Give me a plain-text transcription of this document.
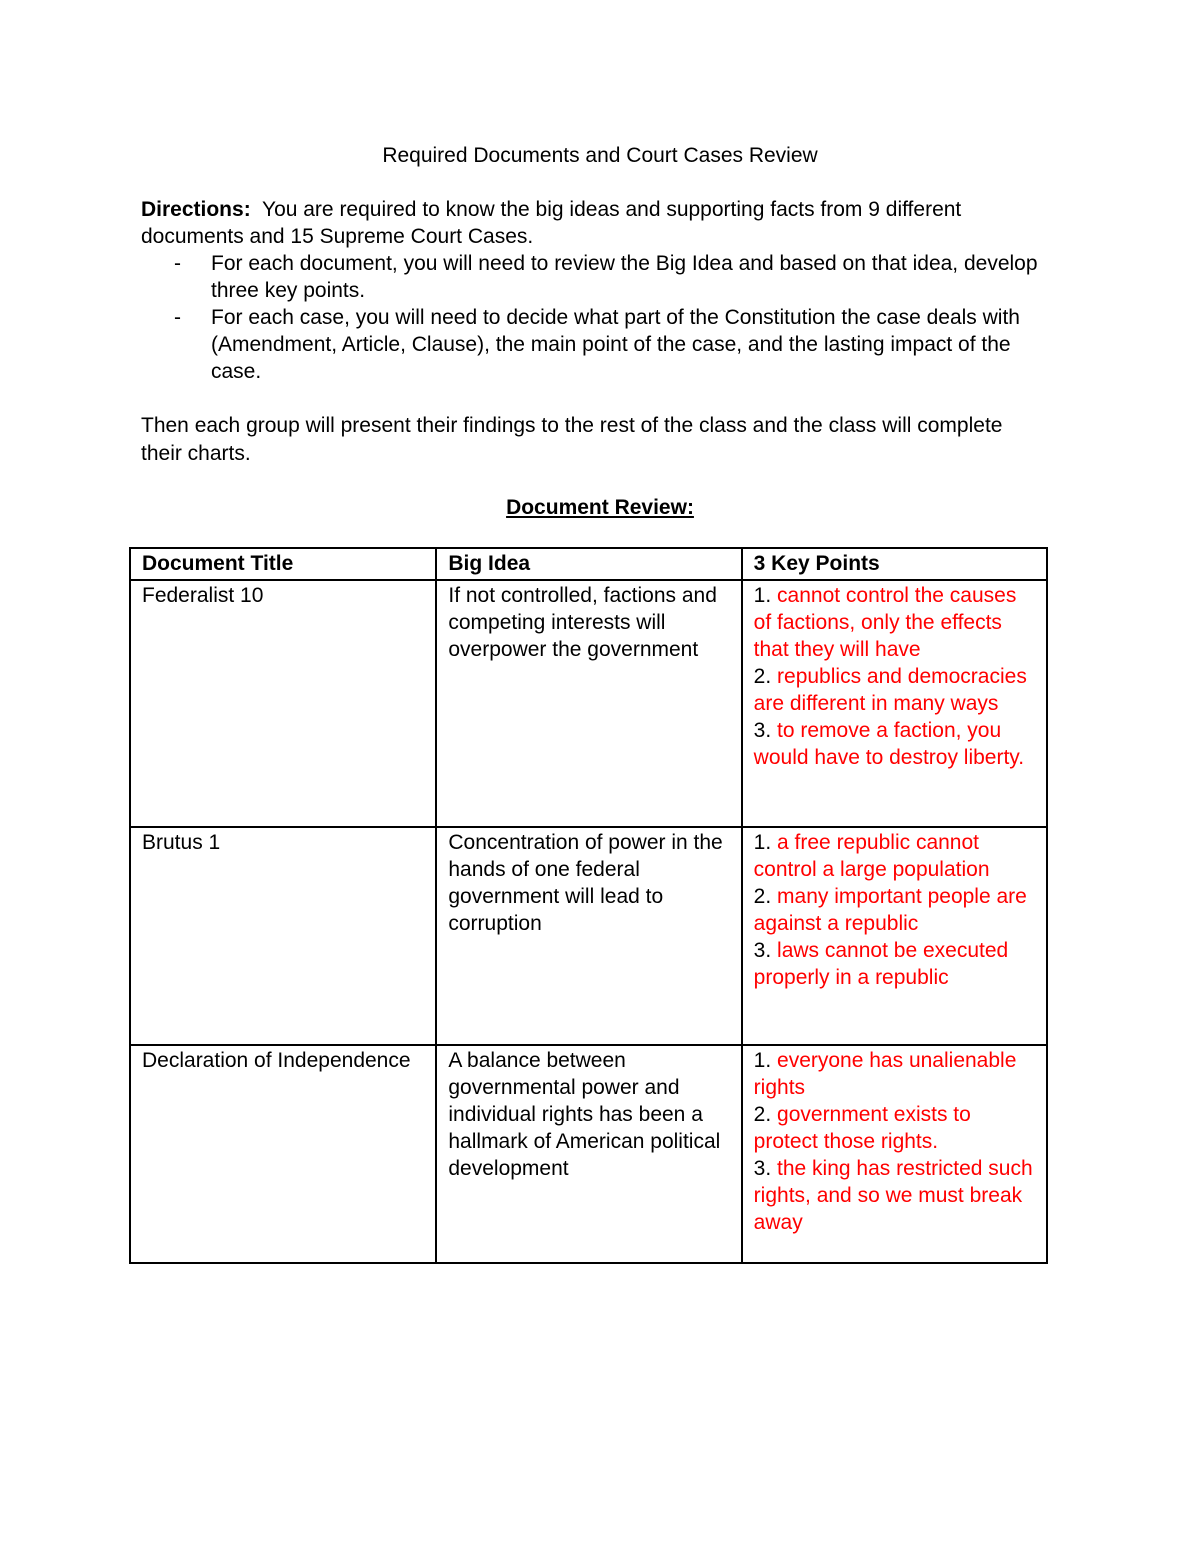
Required Documents and Court Cases Review

Directions: You are required to know the big ideas and supporting facts from 9 different documents and 15 Supreme Court Cases.

- For each document, you will need to review the Big Idea and based on that idea, develop three key points.
- For each case, you will need to decide what part of the Constitution the case deals with (Amendment, Article, Clause), the main point of the case, and the lasting impact of the case.
Then each group will present their findings to the rest of the class and the class will complete their charts.
Document Review:
Document Title	Big Idea	3 Key Points
Federalist 10	If not controlled, factions and competing interests will overpower the government	1. cannot control the causes of factions, only the effects that they will have
2. republics and democracies are different in many ways
3. to remove a faction, you would have to destroy liberty.

Brutus 1	Concentration of power in the hands of one federal government will lead to corruption	1. a free republic cannot control a large population
2. many important people are against a republic
3. laws cannot be executed properly in a republic

Declaration of Independence	A balance between governmental power and individual rights has been a hallmark of American political development	1. everyone has unalienable rights
2. government exists to protect those rights.
3. the king has restricted such rights, and so we must break away
